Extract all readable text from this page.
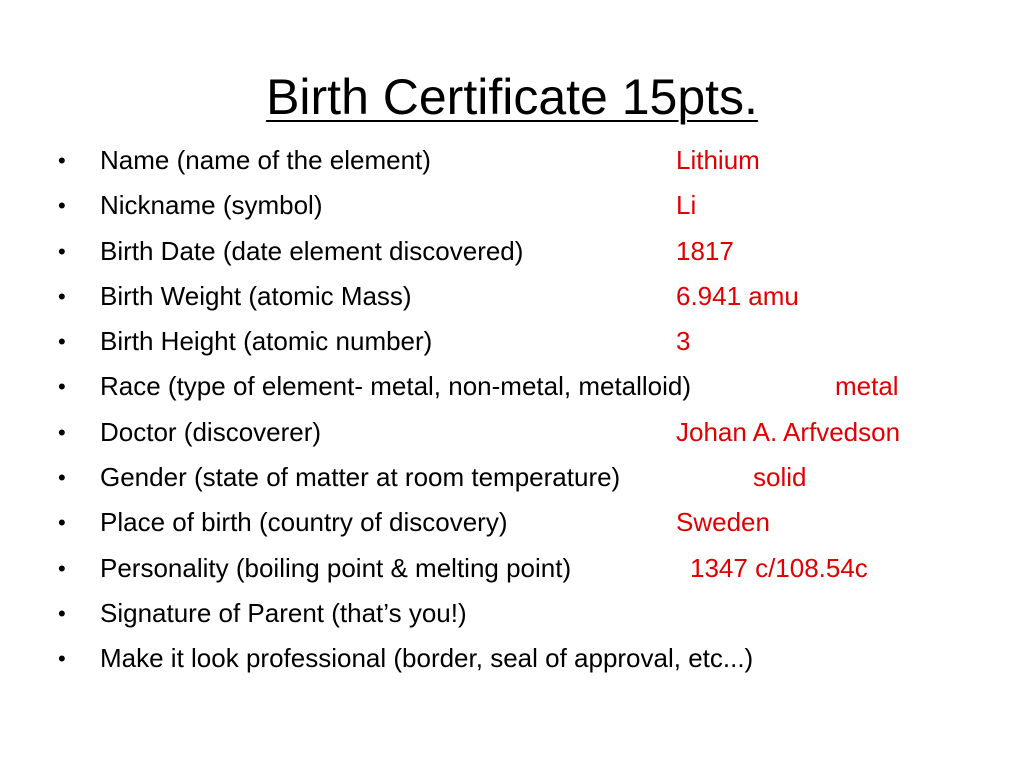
Birth Certificate 15pts.
• Name (name of the element)	Lithium
• Nickname (symbol)	Li
• Birth Date (date element discovered)	1817
• Birth Weight (atomic Mass)	6.941 amu
• Birth Height (atomic number)	3
• Race (type of element- metal, non-metal, metalloid)	metal
• Doctor (discoverer)	Johan A. Arfvedson
• Gender (state of matter at room temperature)	solid
• Place of birth (country of discovery)	Sweden
• Personality (boiling point & melting point)	1347 c/108.54c
• Signature of Parent (that’s you!)
• Make it look professional (border, seal of approval, etc...)
